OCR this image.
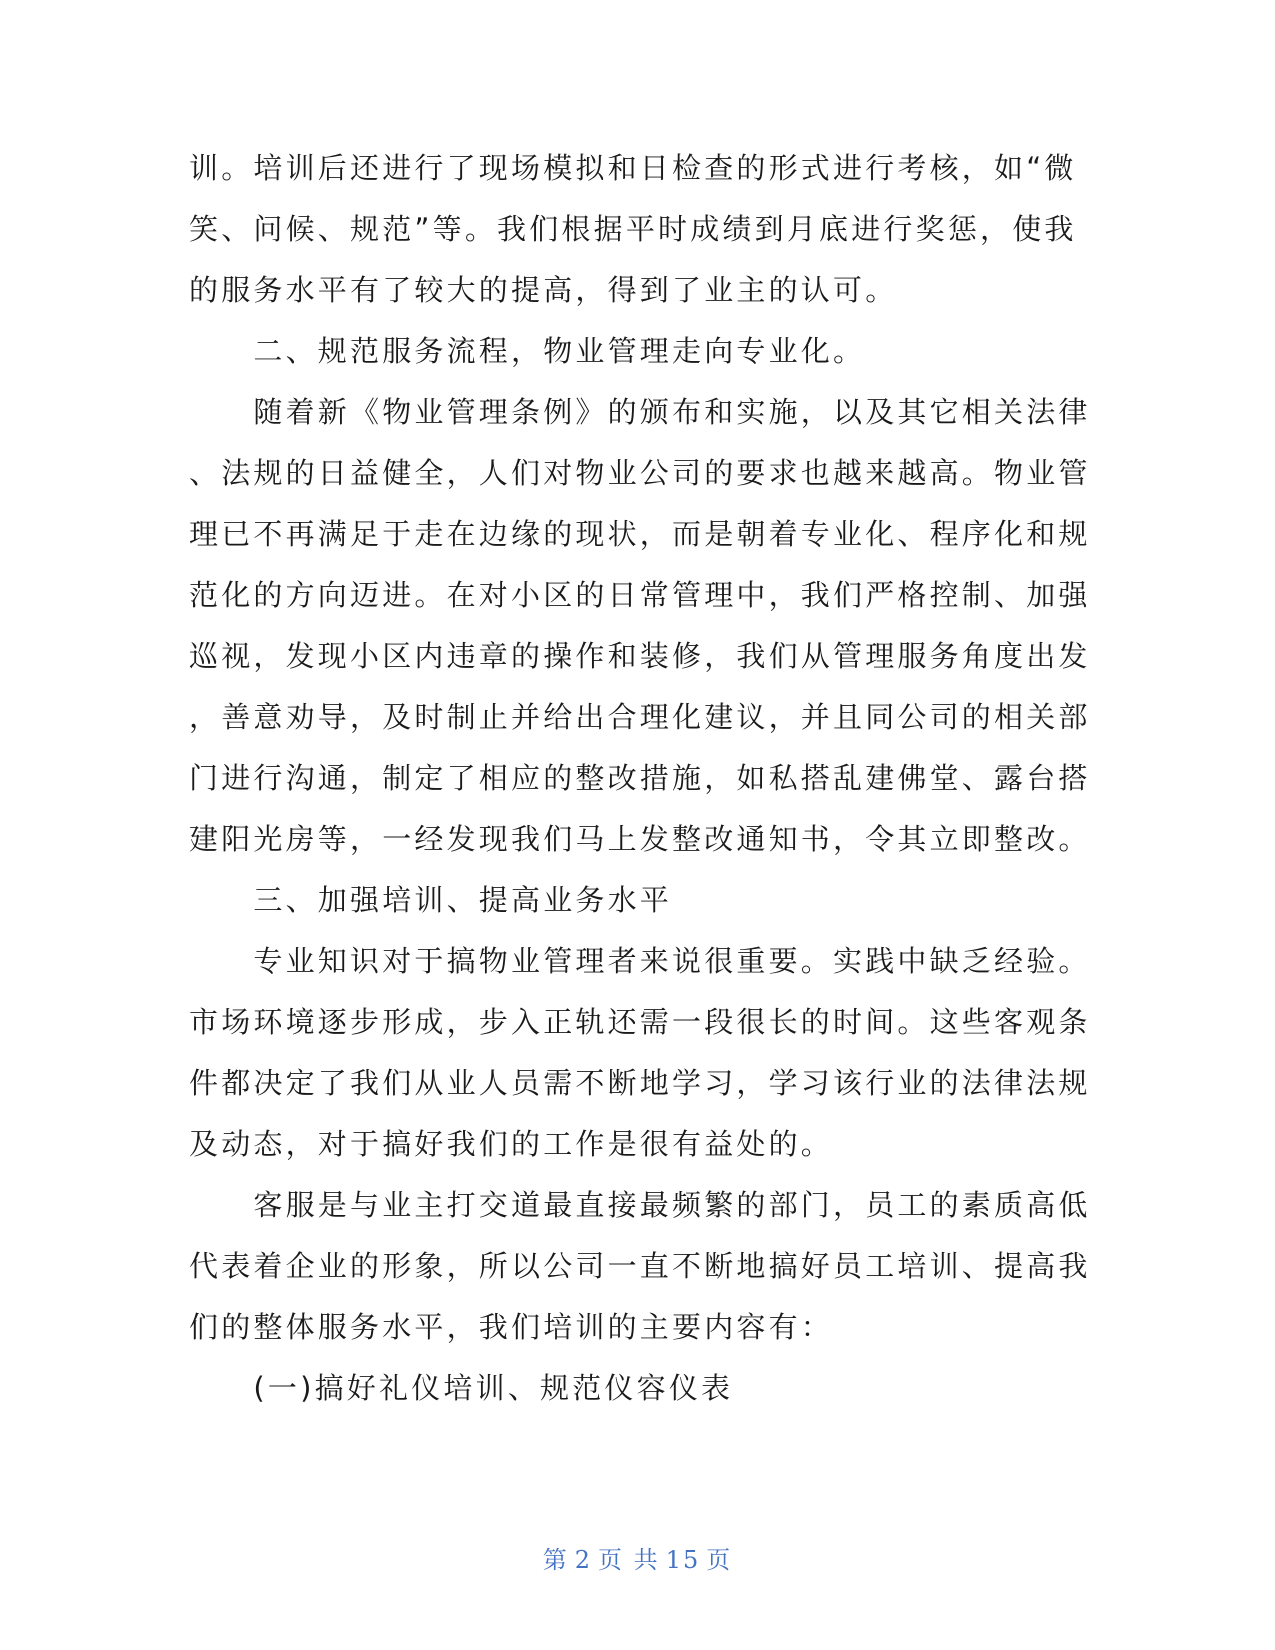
训。培训后还进行了现场模拟和日检查的形式进行考核，如“微
笑、问候、规范”等。我们根据平时成绩到月底进行奖惩，使我
的服务水平有了较大的提高，得到了业主的认可。
　　二、规范服务流程，物业管理走向专业化。
　　随着新《物业管理条例》的颁布和实施，以及其它相关法律
、法规的日益健全，人们对物业公司的要求也越来越高。物业管
理已不再满足于走在边缘的现状，而是朝着专业化、程序化和规
范化的方向迈进。在对小区的日常管理中，我们严格控制、加强
巡视，发现小区内违章的操作和装修，我们从管理服务角度出发
，善意劝导，及时制止并给出合理化建议，并且同公司的相关部
门进行沟通，制定了相应的整改措施，如私搭乱建佛堂、露台搭
建阳光房等，一经发现我们马上发整改通知书，令其立即整改。
　　三、加强培训、提高业务水平
　　专业知识对于搞物业管理者来说很重要。实践中缺乏经验。
市场环境逐步形成，步入正轨还需一段很长的时间。这些客观条
件都决定了我们从业人员需不断地学习，学习该行业的法律法规
及动态，对于搞好我们的工作是很有益处的。
　　客服是与业主打交道最直接最频繁的部门，员工的素质高低
代表着企业的形象，所以公司一直不断地搞好员工培训、提高我
们的整体服务水平，我们培训的主要内容有：
　　(一)搞好礼仪培训、规范仪容仪表
第 2 页 共 15 页
